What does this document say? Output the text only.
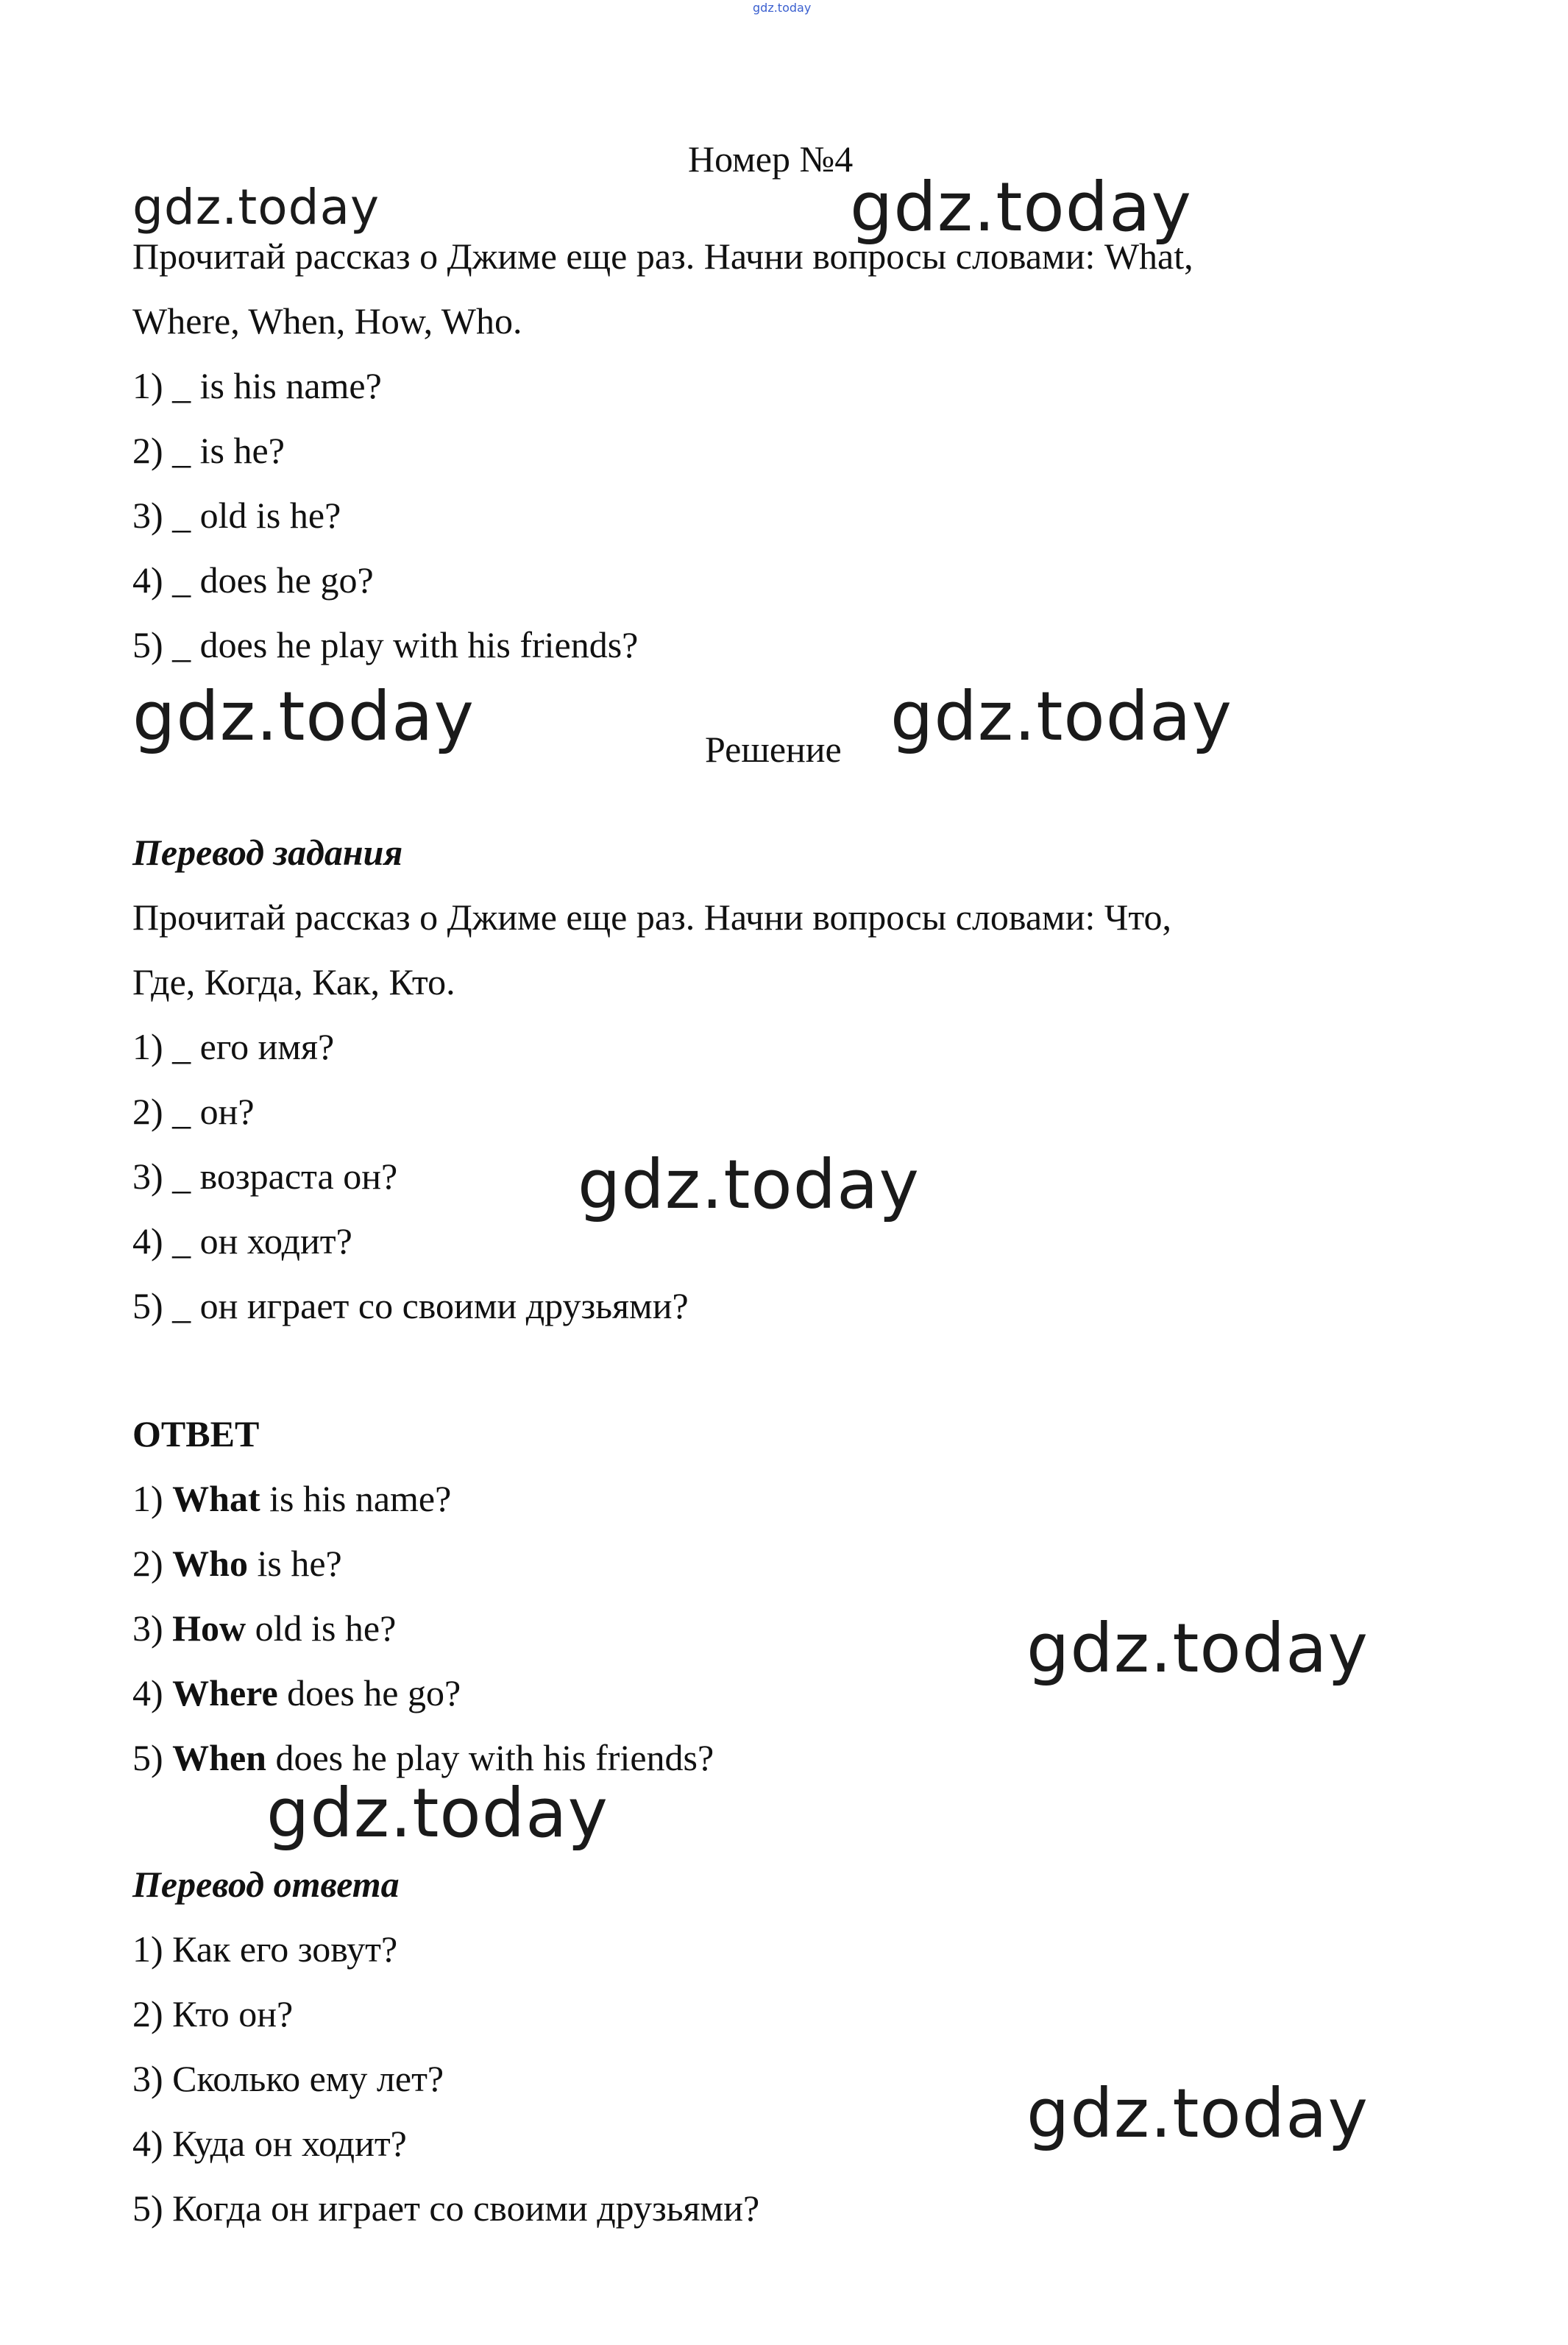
gdz.today
Номер №4
gdz.today	gdz.today
Прочитай рассказ о Джиме еще раз. Начни вопросы словами: What,
Where, When, How, Who.
1) _ is his name?
2) _ is he?
3) _ old is he?
4) _ does he go?
5) _ does he play with his friends?
gdz.today	Решение gdz.today
Перевод задания
Прочитай рассказ о Джиме еще раз. Начни вопросы словами: Что,
Где, Когда, Как, Кто.
1) _ его имя?
2) _ он?
3) _ возраста он?	gdz.today
4) _ он ходит?
5) _ он играет со своими друзьями?
ОТВЕТ
1) What is his name?
2) Who is he?
3) How old is he?	gdz.today
4) Where does he go?
5) When does he play with his friends?
gdz.today
Перевод ответа
1) Как его зовут?
2) Кто он?
3) Сколько ему лет?	gdz.today
4) Куда он ходит?
5) Когда он играет со своими друзьями?
